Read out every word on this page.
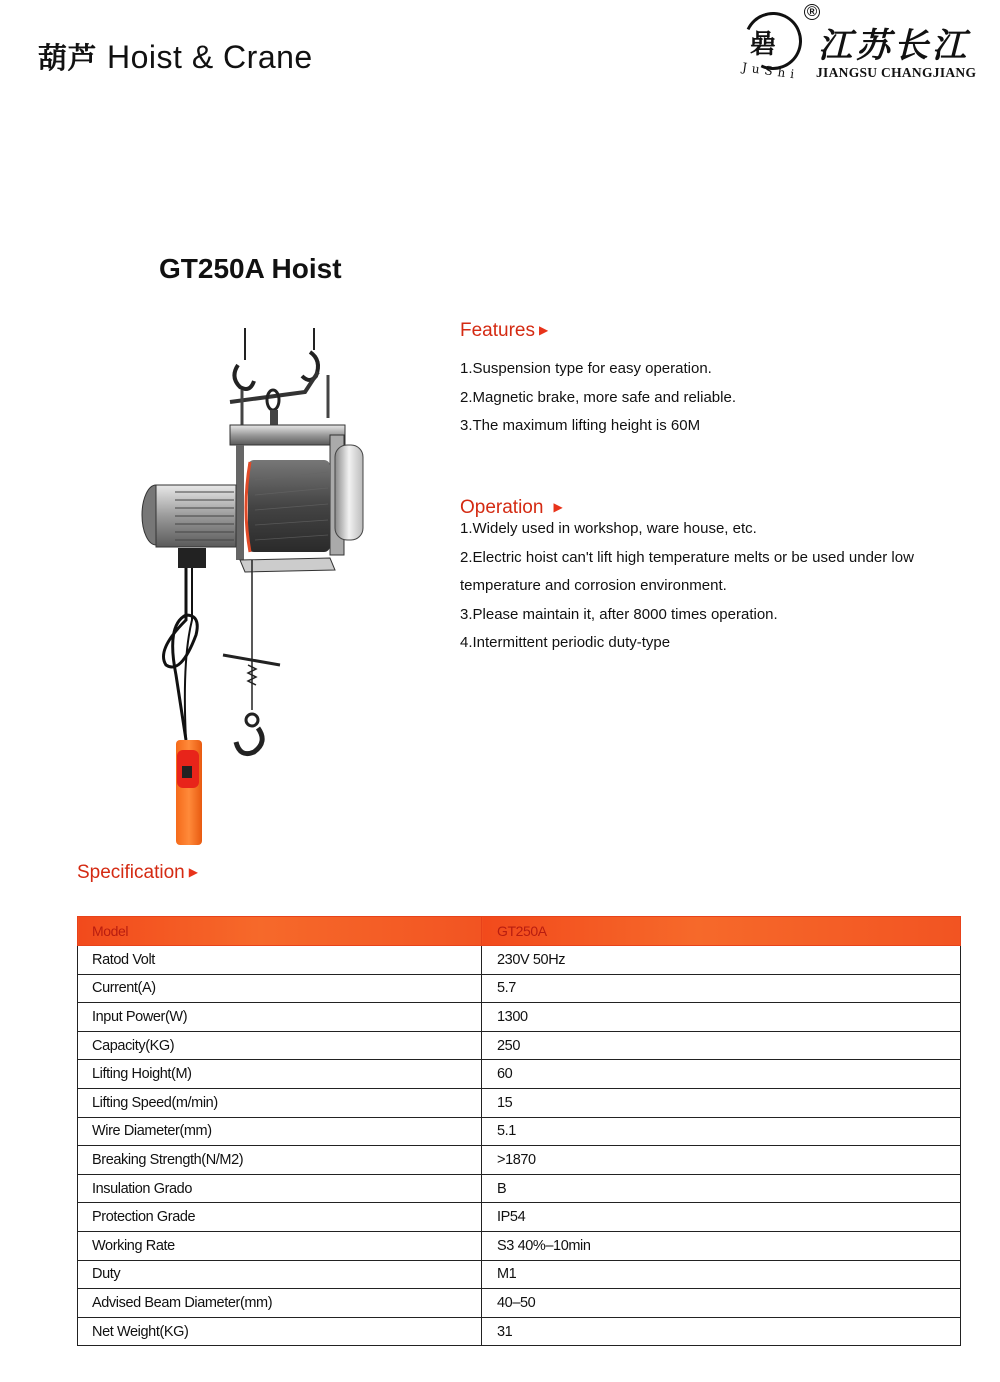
葫芦 Hoist & Crane	碞
®
JuShi
江苏长江
JIANGSU CHANGJIANG
GT250A Hoist
Features ▶
1.Suspension type for easy operation.
2.Magnetic brake, more safe and reliable.
3.The maximum lifting height is 60M
Operation ▶
1.Widely used in workshop, ware house, etc.
2.Electric hoist can't lift high temperature melts or be used under low
temperature and corrosion environment.
3.Please maintain it, after 8000 times operation.
4.Intermittent periodic duty-type
Specification ▶
Model	GT250A
Ratod Volt	230V 50Hz
Current(A)	5.7
Input Power(W)	1300
Capacity(KG)	250
Lifting Hoight(M)	60
Lifting Speed(m/min)	15
Wire Diameter(mm)	5.1
Breaking Strength(N/M2)	>1870
Insulation Grado	B
Protection Grade	IP54
Working Rate	S3 40%–10min
Duty	M1
Advised Beam Diameter(mm)	40–50
Net Weight(KG)	31
